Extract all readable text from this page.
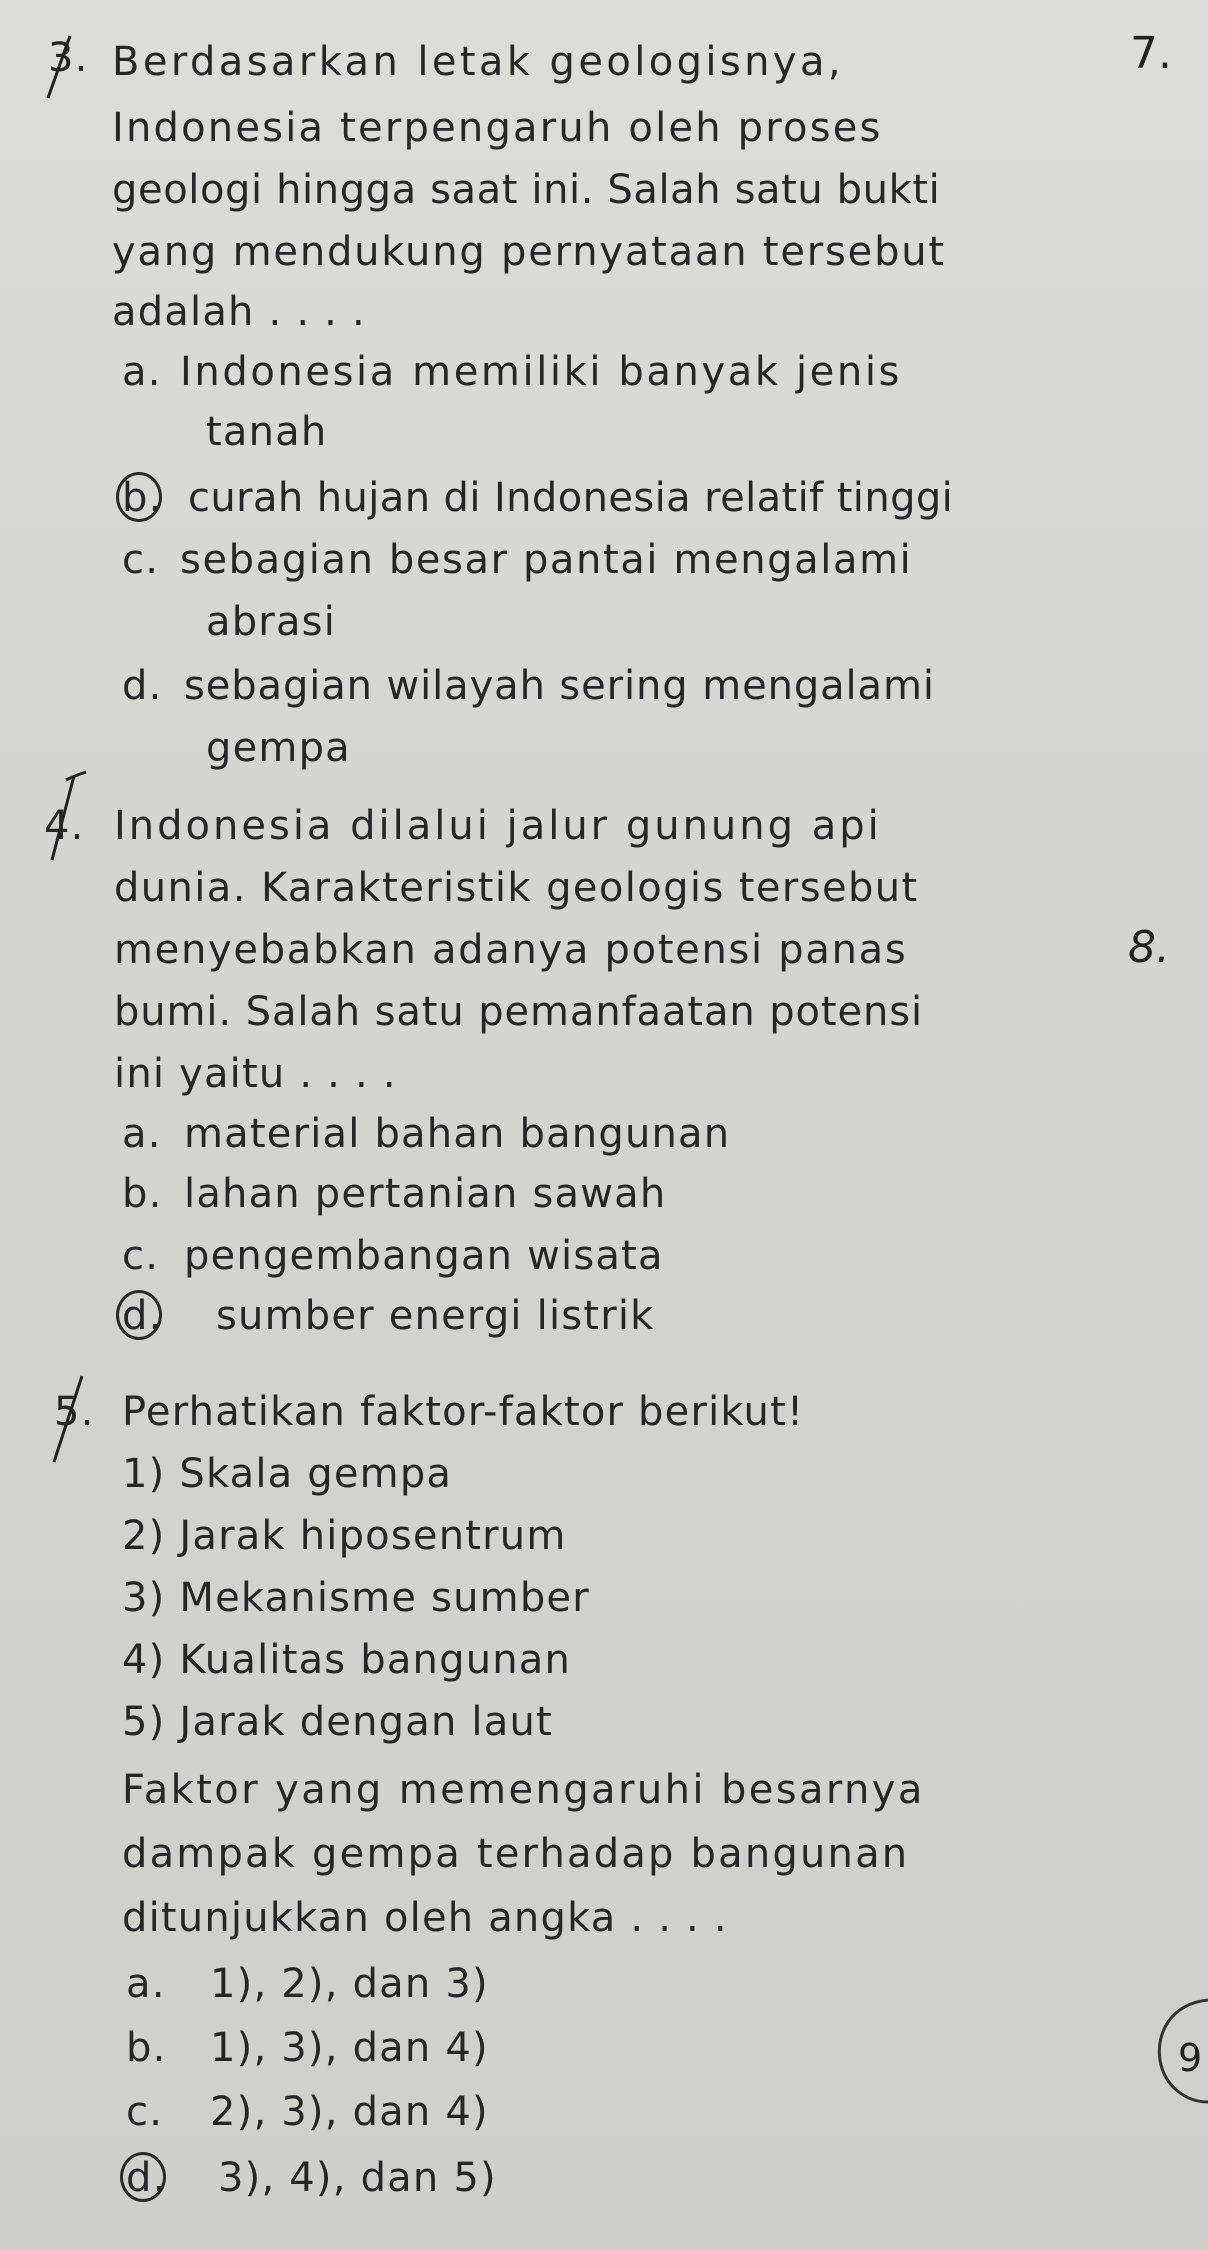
3. Berdasarkan letak geologisnya,
Indonesia terpengaruh oleh proses
geologi hingga saat ini. Salah satu bukti
yang mendukung pernyataan tersebut
adalah . . . .
a. Indonesia memiliki banyak jenis
tanah
b. curah hujan di Indonesia relatif tinggi
c. sebagian besar pantai mengalami
abrasi
d. sebagian wilayah sering mengalami
gempa
4. Indonesia dilalui jalur gunung api
dunia. Karakteristik geologis tersebut
menyebabkan adanya potensi panas
bumi. Salah satu pemanfaatan potensi
ini yaitu . . . .
a. material bahan bangunan
b. lahan pertanian sawah
c. pengembangan wisata
d. sumber energi listrik
5. Perhatikan faktor-faktor berikut!
1) Skala gempa
2) Jarak hiposentrum
3) Mekanisme sumber
4) Kualitas bangunan
5) Jarak dengan laut
Faktor yang memengaruhi besarnya
dampak gempa terhadap bangunan
ditunjukkan oleh angka . . . .
a. 1), 2), dan 3)
b. 1), 3), dan 4)
c. 2), 3), dan 4)
d. 3), 4), dan 5)
7.
8.
9
